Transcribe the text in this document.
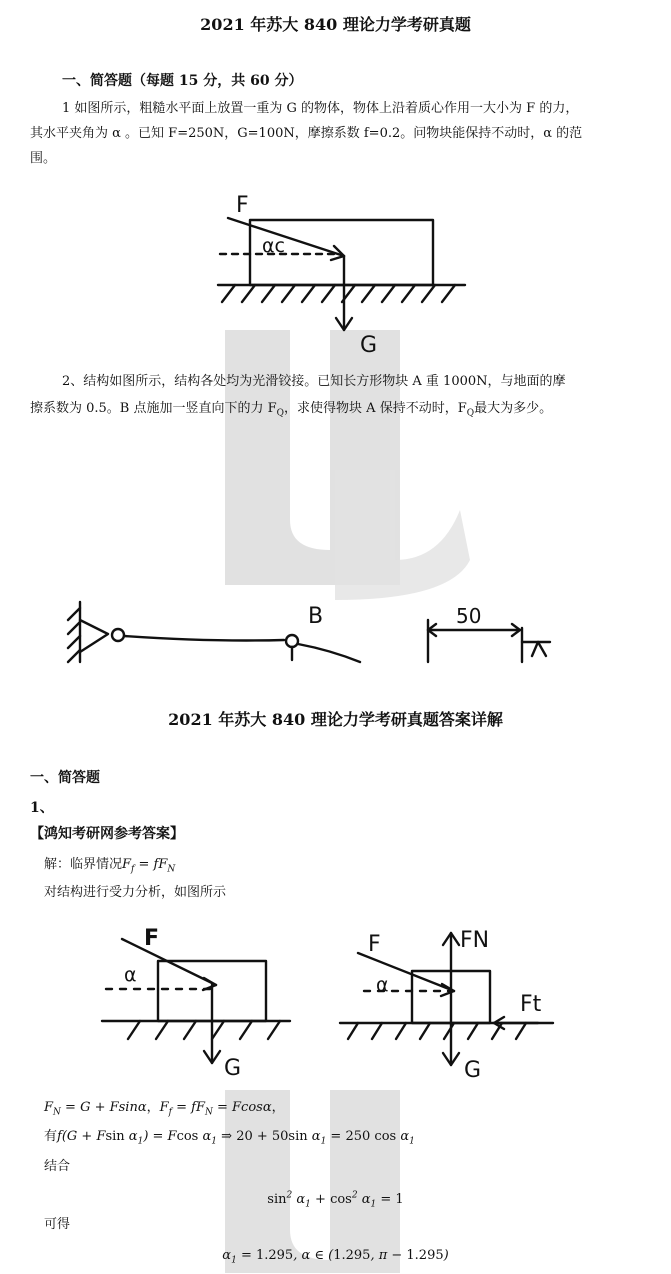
2021 年苏大 840 理论力学考研真题
一、简答题（每题 15 分，共 60 分）
1 如图所示，粗糙水平面上放置一重为 G 的物体，物体上沿着质心作用一大小为 F 的力，
其水平夹角为 α 。已知 F=250N，G=100N，摩擦系数 f=0.2。问物块能保持不动时，α 的范
围。
F
αc
G
2、结构如图所示，结构各处均为光滑铰接。已知长方形物块 A 重 1000N，与地面的摩
擦系数为 0.5。B 点施加一竖直向下的力 $F_Q$，求使得物块 A 保持不动时，$F_Q$最大为多少。
B	50
2021 年苏大 840 理论力学考研真题答案详解
一、简答题
1、
【鸿知考研网参考答案】
解：临界情况$F_f = fF_N$
对结构进行受力分析，如图所示
F
α
G
F	FN
Ft
α
G
$F_N = G + Fsin\alpha$，$F_f = fF_N = Fcos\alpha$，
有f(G + Fsin $\alpha_1) = Fcos$ $\alpha_1$ ⇒ 20 + 50sin $\alpha_1 = 250$ $\cos \alpha_1$
结合
$\sin^2 \alpha_1 + \cos^2 \alpha_1 = 1$
可得
$\alpha_1 = 1.295$, α ∈ (1.295, π − 1.295)
